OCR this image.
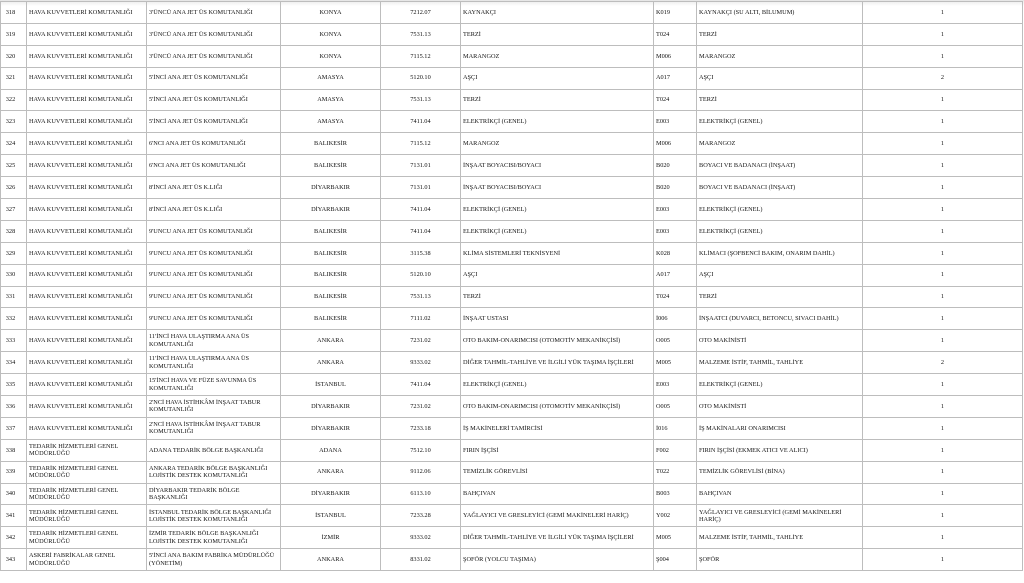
318	HAVA KUVVETLERİ KOMUTANLIĞI	3'ÜNCÜ ANA JET ÜS KOMUTANLIĞI	KONYA	7212.07	KAYNAKÇI	K019	KAYNAKÇI (SU ALTI, BİLUMUM)	1
319	HAVA KUVVETLERİ KOMUTANLIĞI	3'ÜNCÜ ANA JET ÜS KOMUTANLIĞI	KONYA	7531.13	TERZİ	T024	TERZİ	1
320	HAVA KUVVETLERİ KOMUTANLIĞI	3'ÜNCÜ ANA JET ÜS KOMUTANLIĞI	KONYA	7115.12	MARANGOZ	M006	MARANGOZ	1
321	HAVA KUVVETLERİ KOMUTANLIĞI	5'İNCİ ANA JET ÜS KOMUTANLIĞI	AMASYA	5120.10	AŞÇI	A017	AŞÇI	2
322	HAVA KUVVETLERİ KOMUTANLIĞI	5'İNCİ ANA JET ÜS KOMUTANLIĞI	AMASYA	7531.13	TERZİ	T024	TERZİ	1
323	HAVA KUVVETLERİ KOMUTANLIĞI	5'İNCİ ANA JET ÜS KOMUTANLIĞI	AMASYA	7411.04	ELEKTRİKÇİ (GENEL)	E003	ELEKTRİKÇİ (GENEL)	1
324	HAVA KUVVETLERİ KOMUTANLIĞI	6'NCI ANA JET ÜS KOMUTANLIĞI	BALIKESİR	7115.12	MARANGOZ	M006	MARANGOZ	1
325	HAVA KUVVETLERİ KOMUTANLIĞI	6'NCI ANA JET ÜS KOMUTANLIĞI	BALIKESİR	7131.01	İNŞAAT BOYACISI/BOYACI	B020	BOYACI VE BADANACI (İNŞAAT)	1
326	HAVA KUVVETLERİ KOMUTANLIĞI	8'İNCİ ANA JET ÜS K.LIĞI	DİYARBAKIR	7131.01	İNŞAAT BOYACISI/BOYACI	B020	BOYACI VE BADANACI (İNŞAAT)	1
327	HAVA KUVVETLERİ KOMUTANLIĞI	8'İNCİ ANA JET ÜS K.LIĞI	DİYARBAKIR	7411.04	ELEKTRİKÇİ (GENEL)	E003	ELEKTRİKÇİ (GENEL)	1
328	HAVA KUVVETLERİ KOMUTANLIĞI	9'UNCU ANA JET ÜS KOMUTANLIĞI	BALIKESİR	7411.04	ELEKTRİKÇİ (GENEL)	E003	ELEKTRİKÇİ (GENEL)	1
329	HAVA KUVVETLERİ KOMUTANLIĞI	9'UNCU ANA JET ÜS KOMUTANLIĞI	BALIKESİR	3115.38	KLİMA SİSTEMLERİ TEKNİSYENİ	K028	KLİMACI (ŞOFBENCİ BAKIM, ONARIM DAHİL)	1
330	HAVA KUVVETLERİ KOMUTANLIĞI	9'UNCU ANA JET ÜS KOMUTANLIĞI	BALIKESİR	5120.10	AŞÇI	A017	AŞÇI	1
331	HAVA KUVVETLERİ KOMUTANLIĞI	9'UNCU ANA JET ÜS KOMUTANLIĞI	BALIKESİR	7531.13	TERZİ	T024	TERZİ	1
332	HAVA KUVVETLERİ KOMUTANLIĞI	9'UNCU ANA JET ÜS KOMUTANLIĞI	BALIKESİR	7111.02	İNŞAAT USTASI	İ006	İNŞAATCI (DUVARCI, BETONCU, SIVACI DAHİL)	1
333	HAVA KUVVETLERİ KOMUTANLIĞI	11'İNCİ HAVA ULAŞTIRMA ANA ÜS KOMUTANLIĞI	ANKARA	7231.02	OTO BAKIM-ONARIMCISI (OTOMOTİV MEKANİKÇİSİ)	O005	OTO MAKİNİSTİ	1
334	HAVA KUVVETLERİ KOMUTANLIĞI	11'İNCİ HAVA ULAŞTIRMA ANA ÜS KOMUTANLIĞI	ANKARA	9333.02	DİĞER TAHMİL-TAHLİYE VE İLGİLİ YÜK TAŞIMA İŞÇİLERİ	M005	MALZEME İSTİF, TAHMİL, TAHLİYE	2
335	HAVA KUVVETLERİ KOMUTANLIĞI	15'İNCİ HAVA VE FÜZE SAVUNMA ÜS KOMUTANLIĞI	İSTANBUL	7411.04	ELEKTRİKÇİ (GENEL)	E003	ELEKTRİKÇİ (GENEL)	1
336	HAVA KUVVETLERİ KOMUTANLIĞI	2'NCİ HAVA İSTİHKÂM İNŞAAT TABUR KOMUTANLIĞI	DİYARBAKIR	7231.02	OTO BAKIM-ONARIMCISI (OTOMOTİV MEKANİKÇİSİ)	O005	OTO MAKİNİSTİ	1
337	HAVA KUVVETLERİ KOMUTANLIĞI	2'NCİ HAVA İSTİHKÂM İNŞAAT TABUR KOMUTANLIĞI	DİYARBAKIR	7233.18	İŞ MAKİNELERİ TAMİRCİSİ	İ016	İŞ MAKİNALARI ONARIMCISI	1
338	TEDARİK HİZMETLERİ GENEL MÜDÜRLÜĞÜ	ADANA TEDARİK BÖLGE BAŞKANLIĞI	ADANA	7512.10	FIRIN İŞÇİSİ	F002	FIRIN İŞÇİSİ (EKMEK ATICI VE ALICI)	1
339	TEDARİK HİZMETLERİ GENEL MÜDÜRLÜĞÜ	ANKARA TEDARİK BÖLGE BAŞKANLIĞI LOJİSTİK DESTEK KOMUTANLIĞI	ANKARA	9112.06	TEMİZLİK GÖREVLİSİ	T022	TEMİZLİK GÖREVLİSİ (BİNA)	1
340	TEDARİK HİZMETLERİ GENEL MÜDÜRLÜĞÜ	DİYARBAKIR TEDARİK BÖLGE BAŞKANLIĞI	DİYARBAKIR	6113.10	BAHÇIVAN	B003	BAHÇIVAN	1
341	TEDARİK HİZMETLERİ GENEL MÜDÜRLÜĞÜ	İSTANBUL TEDARİK BÖLGE BAŞKANLIĞI LOJİSTİK DESTEK KOMUTANLIĞI	İSTANBUL	7233.28	YAĞLAYICI VE GRESLEYİCİ (GEMİ MAKİNELERİ HARİÇ)	Y002	YAĞLAYICI VE GRESLEYİCİ (GEMİ MAKİNELERİ HARİÇ)	1
342	TEDARİK HİZMETLERİ GENEL MÜDÜRLÜĞÜ	İZMİR TEDARİK BÖLGE BAŞKANLIĞI LOJİSTİK DESTEK KOMUTANLIĞI	İZMİR	9333.02	DİĞER TAHMİL-TAHLİYE VE İLGİLİ YÜK TAŞIMA İŞÇİLERİ	M005	MALZEME İSTİF, TAHMİL, TAHLİYE	1
343	ASKERİ FABRİKALAR GENEL MÜDÜRLÜĞÜ	5'İNCİ ANA BAKIM FABRİKA MÜDÜRLÜĞÜ (YÖNETİM)	ANKARA	8331.02	ŞOFÖR (YOLCU TAŞIMA)	Ş004	ŞOFÖR	1
